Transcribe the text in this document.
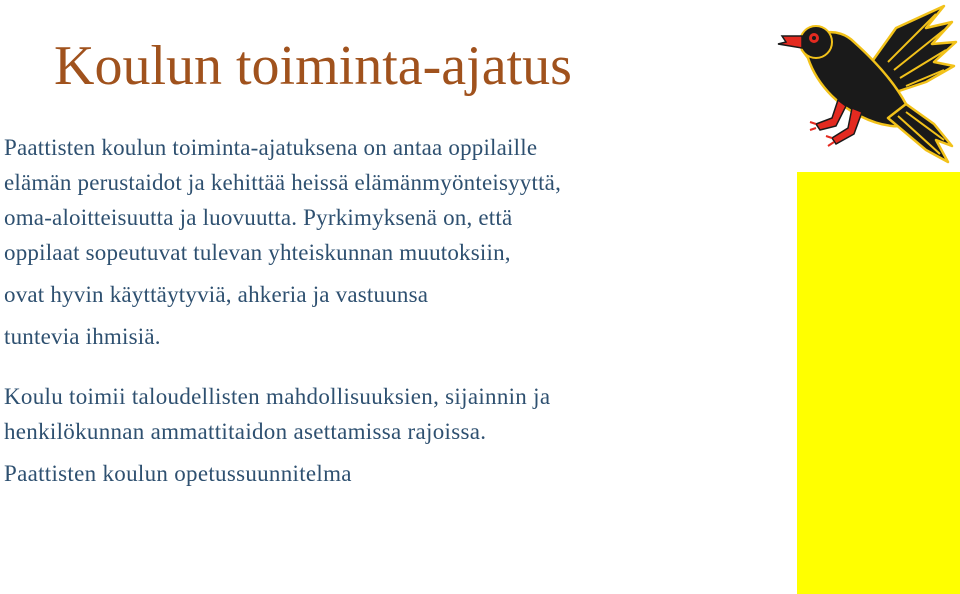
Koulun toiminta-ajatus
Paattisten koulun toiminta-ajatuksena on antaa oppilaille
elämän perustaidot ja kehittää heissä elämänmyönteisyyttä,
oma-aloitteisuutta ja luovuutta. Pyrkimyksenä on, että
oppilaat sopeutuvat tulevan yhteiskunnan muutoksiin,
ovat hyvin käyttäytyviä, ahkeria ja vastuunsa
tuntevia ihmisiä.
Koulu toimii taloudellisten mahdollisuuksien, sijainnin ja
henkilökunnan ammattitaidon asettamissa rajoissa.
Paattisten koulun opetussuunnitelma
